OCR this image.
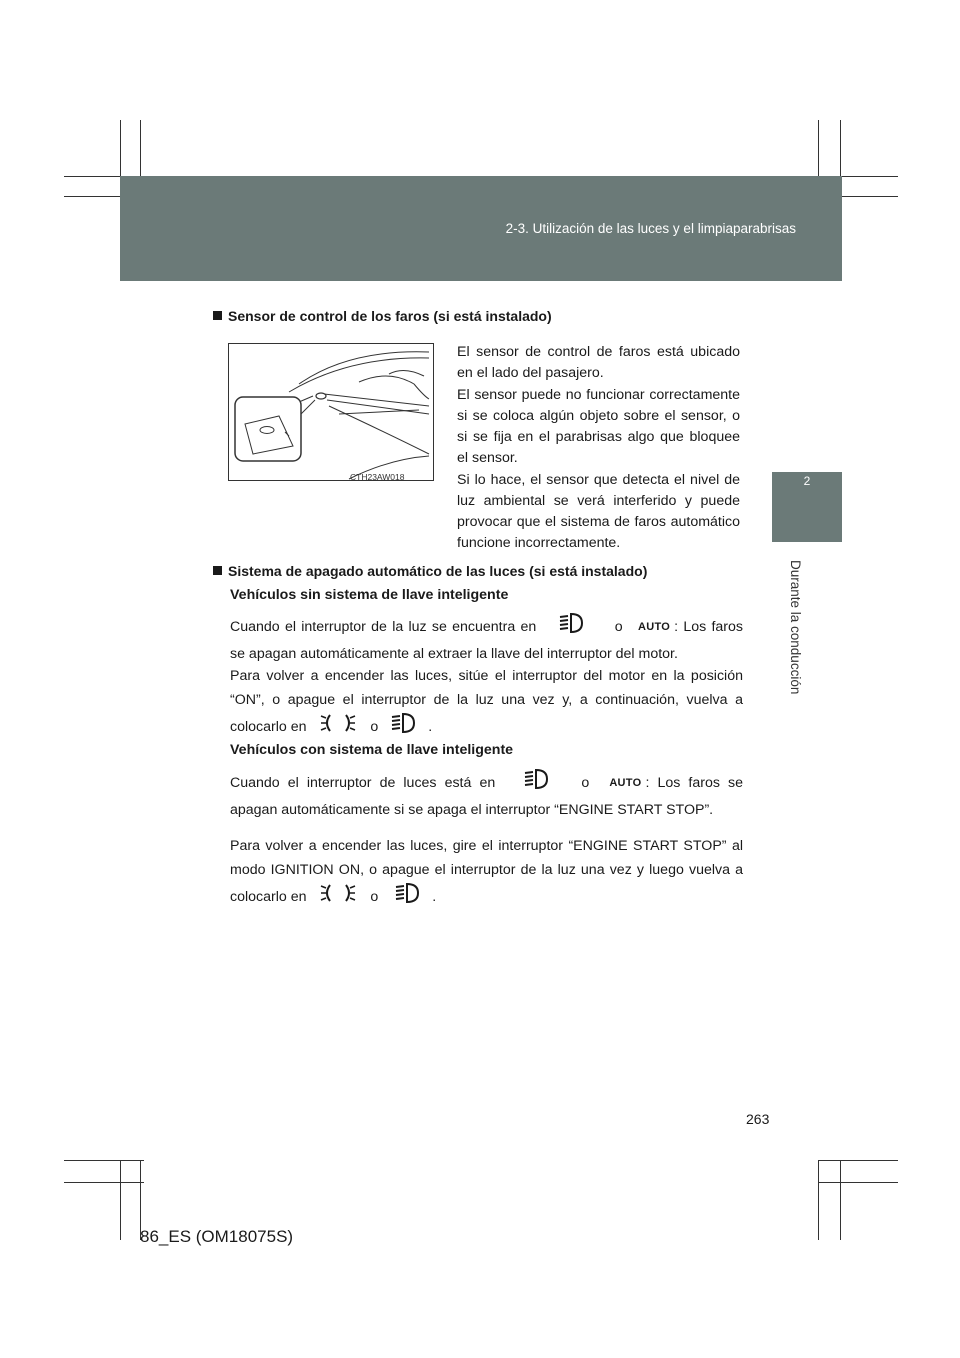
2-3. Utilización de las luces y el limpiaparabrisas
2
Durante la conducción
Sensor de control de los faros (si está instalado)
CTH23AW018
El sensor de control de faros está ubicado en el lado del pasajero.
El sensor puede no funcionar correctamente si se coloca algún objeto sobre el sensor, o si se fija en el parabrisas algo que bloquee el sensor.
Si lo hace, el sensor que detecta el nivel de luz ambiental se verá interferido y puede provocar que el sistema de faros automático funcione incorrectamente.
Sistema de apagado automático de las luces (si está instalado)
Vehículos sin sistema de llave inteligente
Cuando el interruptor de la luz se encuentra en	o AUTO : Los faros se apagan automáticamente al extraer la llave del interruptor del motor.
Para volver a encender las luces, sitúe el interruptor del motor en la posición “ON”, o apague el interruptor de la luz una vez y, a continuación, vuelva a colocarlo en	o	.
Vehículos con sistema de llave inteligente
Cuando el interruptor de luces está en	o AUTO : Los faros se apagan automáticamente si se apaga el interruptor “ENGINE START STOP”.
Para volver a encender las luces, gire el interruptor “ENGINE START STOP” al modo IGNITION ON, o apague el interruptor de la luz una vez y luego vuelva a colocarlo en	o	.
263
86_ES (OM18075S)
